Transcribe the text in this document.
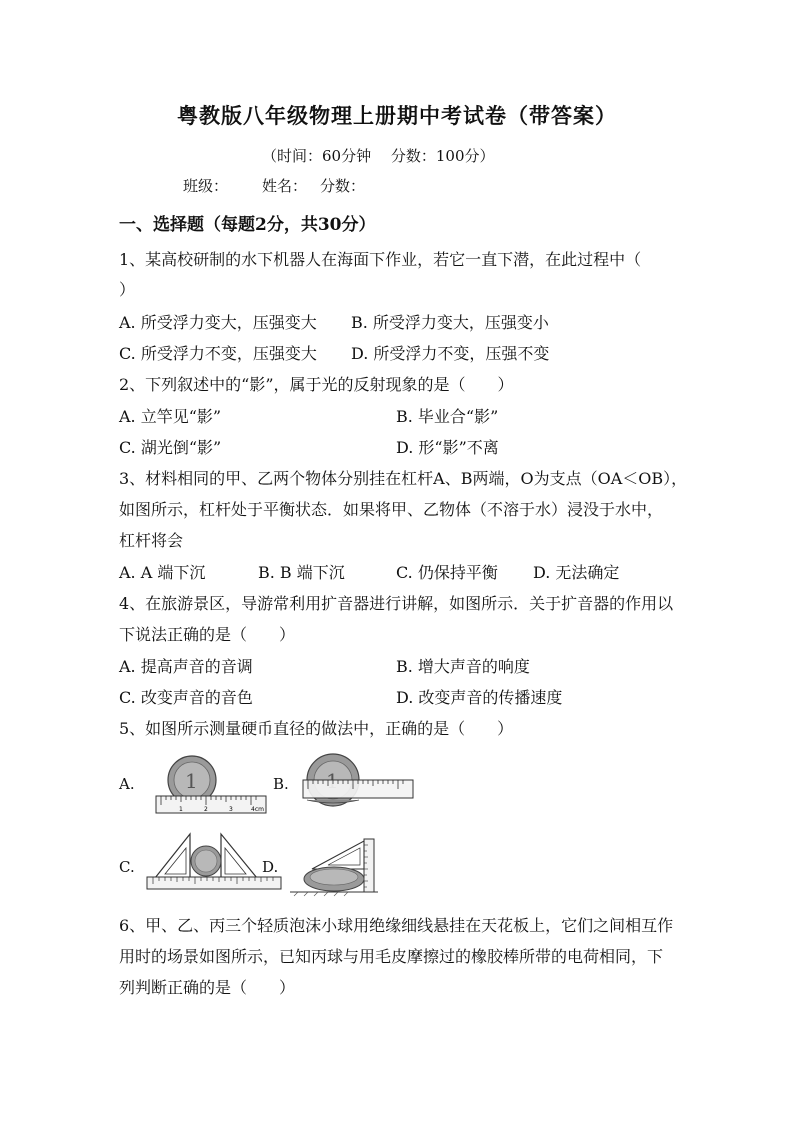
粤教版八年级物理上册期中考试卷（带答案）
（时间：60分钟　 分数：100分）
班级： 姓名： 分数：
一、选择题（每题2分，共30分）
1、某高校研制的水下机器人在海面下作业，若它一直下潜，在此过程中（
）
A. 所受浮力变大，压强变大 B. 所受浮力变大，压强变小
C. 所受浮力不变，压强变大 D. 所受浮力不变，压强不变
2、下列叙述中的“影”，属于光的反射现象的是（　　）
A. 立竿见“影”	B. 毕业合“影”
C. 湖光倒“影”	D. 形“影”不离
3、材料相同的甲、乙两个物体分别挂在杠杆A、B两端，O为支点（OA＜OB），
如图所示，杠杆处于平衡状态．如果将甲、乙物体（不溶于水）浸没于水中，
杠杆将会
A. A 端下沉	B. B 端下沉	C. 仍保持平衡 D. 无法确定
4、在旅游景区，导游常利用扩音器进行讲解，如图所示．关于扩音器的作用以
下说法正确的是（　　）
A. 提高声音的音调	B. 增大声音的响度
C. 改变声音的音色	D. 改变声音的传播速度
5、如图所示测量硬币直径的做法中，正确的是（　　）
A.	B.
C.	D.
1
1	2	3	4cm
6、甲、乙、丙三个轻质泡沫小球用绝缘细线悬挂在天花板上，它们之间相互作
用时的场景如图所示，已知丙球与用毛皮摩擦过的橡胶棒所带的电荷相同，下
列判断正确的是（　　）
